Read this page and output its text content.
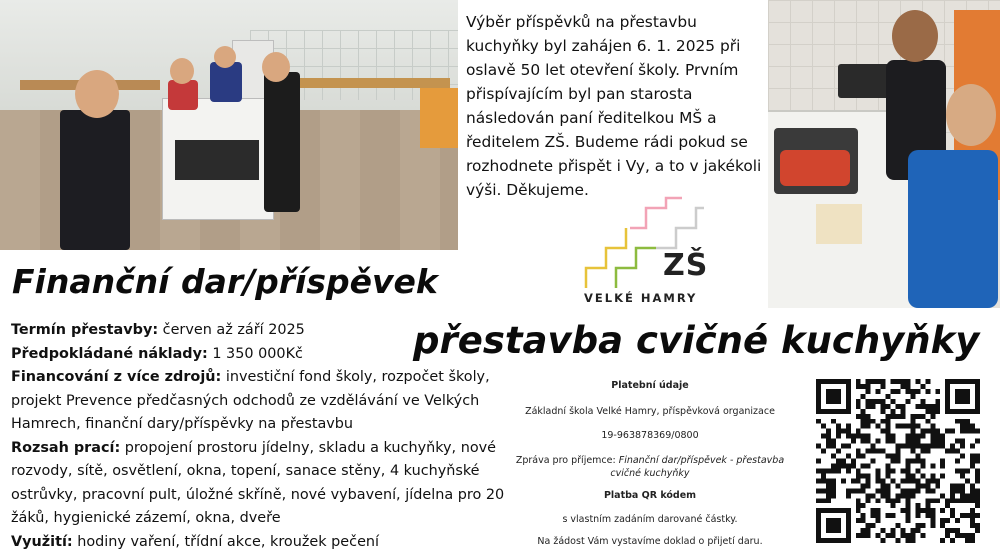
Výběr příspěvků na přestavbu kuchyňky byl zahájen 6. 1. 2025 při oslavě 50 let otevření školy. Prvním přispívajícím byl pan starosta následován paní ředitelkou MŠ a ředitelem ZŠ. Budeme rádi pokud se rozhodnete přispět i Vy, a to v jakékoli výši. Děkujeme.

ZŠ
VELKÉ HAMRY
Finanční dar/příspěvek
přestavba cvičné kuchyňky

Termín přestavby: červen až září 2025
Předpokládané náklady: 1 350 000Kč
Financování z více zdrojů: investiční fond školy, rozpočet školy, projekt Prevence předčasných odchodů ze vzdělávání ve Velkých Hamrech, finanční dary/příspěvky na přestavbu
Rozsah prací: propojení prostoru jídelny, skladu a kuchyňky, nové rozvody, sítě, osvětlení, okna, topení, sanace stěny, 4 kuchyňské ostrůvky, pracovní pult, úložné skříně, nové vybavení, jídelna pro 20 žáků, hygienické zázemí, okna, dveře
Využití: hodiny vaření, třídní akce, kroužek pečení

Platební údaje
Základní škola Velké Hamry, příspěvková organizace
19-963878369/0800
Zpráva pro příjemce: Finanční dar/příspěvek - přestavba cvičné kuchyňky
Platba QR kódem
s vlastním zadáním darované částky.
Na žádost Vám vystavíme doklad o přijetí daru.
